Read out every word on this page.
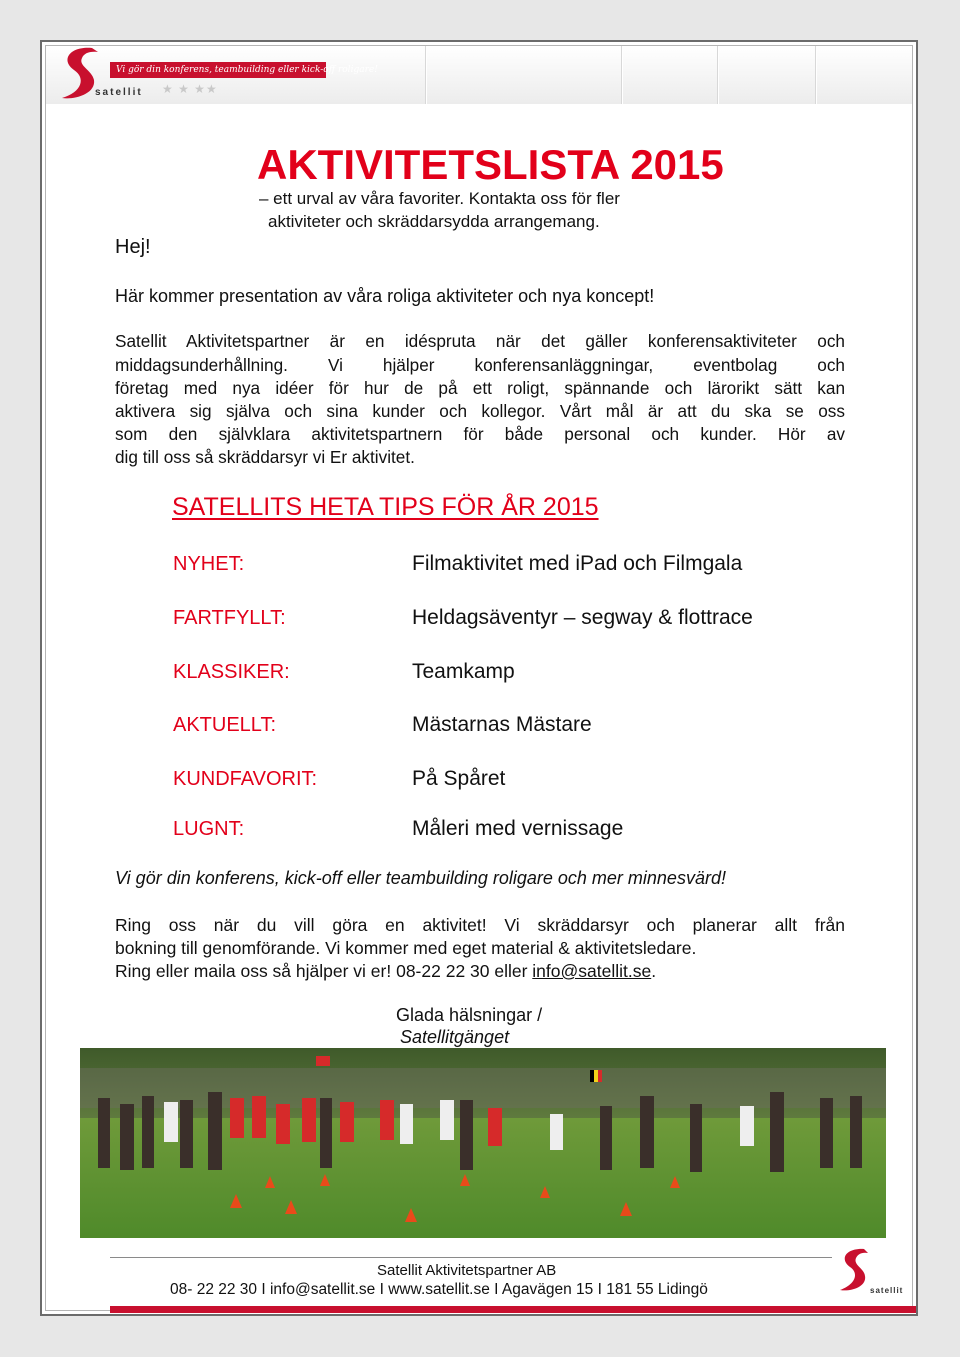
Vi gör din konferens, teambuilding eller kick-off roligare!
satellit ★ ★ ★★
AKTIVITETSLISTA 2015
– ett urval av våra favoriter. Kontakta oss för fler
aktiviteter och skräddarsydda arrangemang.
Hej!
Här kommer presentation av våra roliga aktiviteter och nya koncept!
Satellit Aktivitetspartner är en idéspruta när det gäller konferensaktiviteter och
middagsunderhållning. Vi hjälper konferensanläggningar, eventbolag och
företag med nya idéer för hur de på ett roligt, spännande och lärorikt sätt kan
aktivera sig själva och sina kunder och kollegor. Vårt mål är att du ska se oss
som den självklara aktivitetspartnern för både personal och kunder. Hör av
dig till oss så skräddarsyr vi Er aktivitet.
SATELLITS HETA TIPS FÖR ÅR 2015
NYHET:	Filmaktivitet med iPad och Filmgala
FARTFYLLT:	Heldagsäventyr – segway & flottrace
KLASSIKER:	Teamkamp
AKTUELLT:	Mästarnas Mästare
KUNDFAVORIT:	På Spåret
LUGNT:	Måleri med vernissage
Vi gör din konferens, kick-off eller teambuilding roligare och mer minnesvärd!
Ring oss när du vill göra en aktivitet! Vi skräddarsyr och planerar allt från
bokning till genomförande. Vi kommer med eget material & aktivitetsledare.
Ring eller maila oss så hjälper vi er! 08-22 22 30 eller info@satellit.se.
Glada hälsningar /
Satellitgänget
Satellit Aktivitetspartner AB
08- 22 22 30 I info@satellit.se I www.satellit.se I Agavägen 15 I 181 55 Lidingö	satellit
